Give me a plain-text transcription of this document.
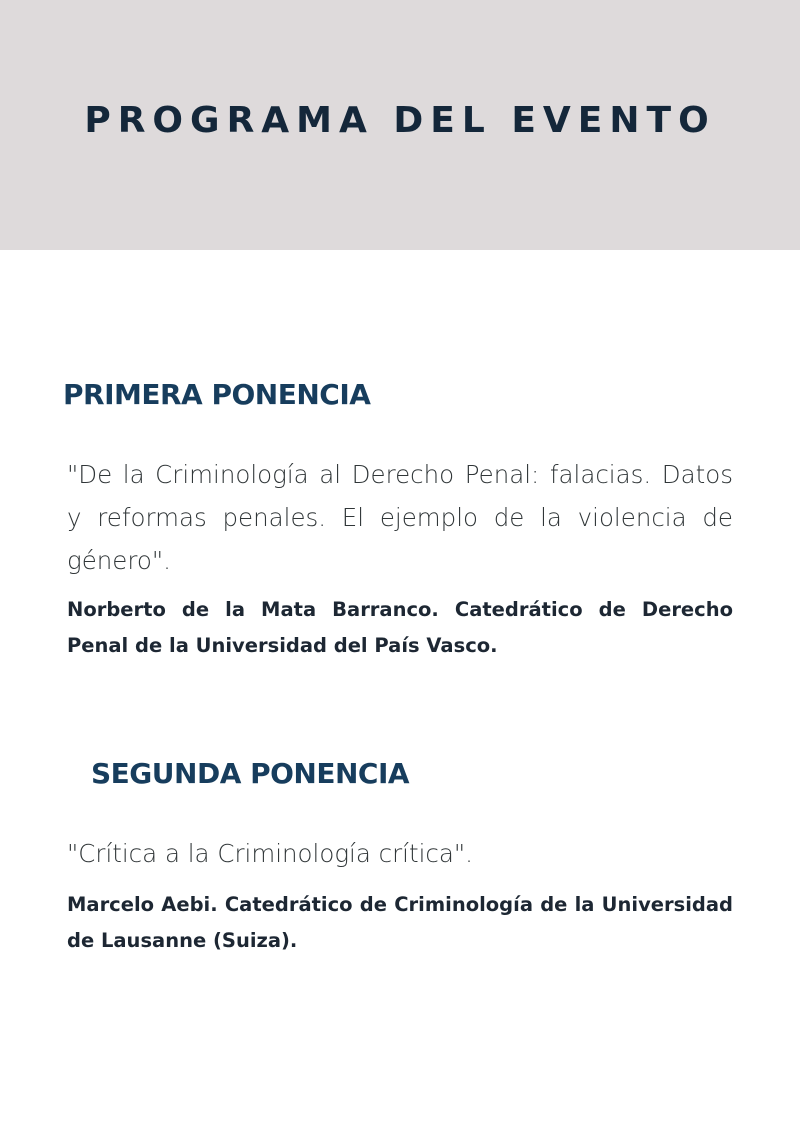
PROGRAMA DEL EVENTO
PRIMERA PONENCIA

"De la Criminología al Derecho Penal: falacias. Datos y reformas penales. El ejemplo de la violencia de género".

Norberto de la Mata Barranco. Catedrático de Derecho Penal de la Universidad del País Vasco.

SEGUNDA PONENCIA

"Crítica a la Criminología crítica".

Marcelo Aebi. Catedrático de Criminología de la Universidad de Lausanne (Suiza).
